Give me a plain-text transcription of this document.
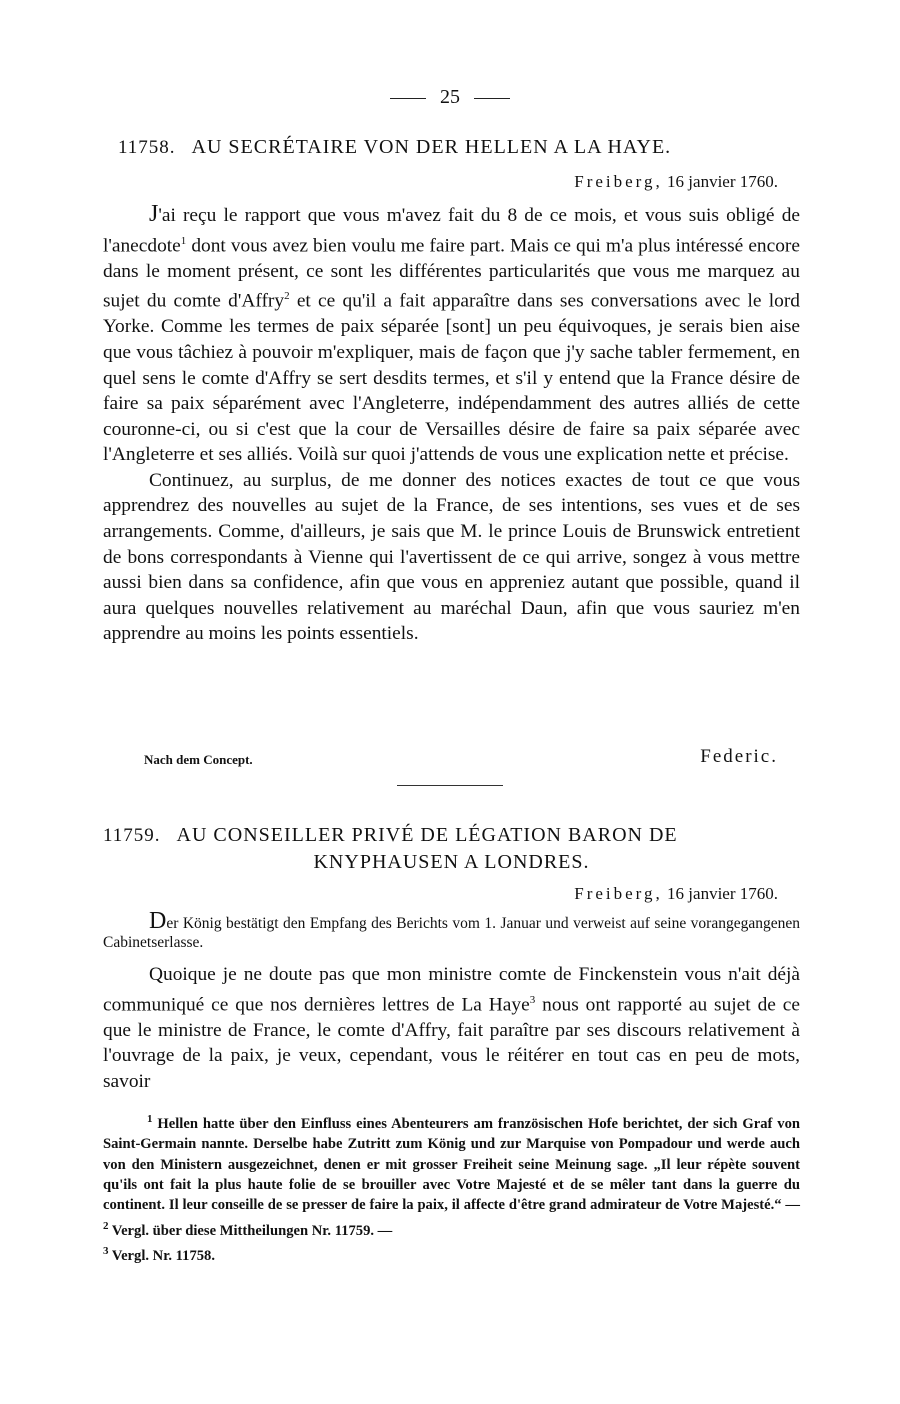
25
11758. AU SECRÉTAIRE VON DER HELLEN A LA HAYE.
Freiberg, 16 janvier 1760.

J'ai reçu le rapport que vous m'avez fait du 8 de ce mois, et vous suis obligé de l'anecdote$^1$ dont vous avez bien voulu me faire part. Mais ce qui m'a plus intéressé encore dans le moment présent, ce sont les différentes particularités que vous me marquez au sujet du comte d'Affry$^2$ et ce qu'il a fait apparaître dans ses conversations avec le lord Yorke. Comme les termes de paix séparée [sont] un peu équivoques, je serais bien aise que vous tâchiez à pouvoir m'expliquer, mais de façon que j'y sache tabler fermement, en quel sens le comte d'Affry se sert desdits termes, et s'il y entend que la France désire de faire sa paix séparément avec l'Angleterre, indépendamment des autres alliés de cette couronne-ci, ou si c'est que la cour de Versailles désire de faire sa paix séparée avec l'Angleterre et ses alliés. Voilà sur quoi j'attends de vous une explication nette et précise.

Continuez, au surplus, de me donner des notices exactes de tout ce que vous apprendrez des nouvelles au sujet de la France, de ses intentions, ses vues et de ses arrangements. Comme, d'ailleurs, je sais que M. le prince Louis de Brunswick entretient de bons correspondants à Vienne qui l'avertissent de ce qui arrive, songez à vous mettre aussi bien dans sa confidence, afin que vous en appreniez autant que possible, quand il aura quelques nouvelles relativement au maréchal Daun, afin que vous sauriez m'en apprendre au moins les points essentiels.

Nach dem Concept.	Federic.
11759. AU CONSEILLER PRIVÉ DE LÉGATION BARON DE
KNYPHAUSEN A LONDRES.
Freiberg, 16 janvier 1760.

Der König bestätigt den Empfang des Berichts vom 1. Januar und verweist auf seine vorangegangenen Cabinetserlasse.

Quoique je ne doute pas que mon ministre comte de Finckenstein vous n'ait déjà communiqué ce que nos dernières lettres de La Haye$^3$ nous ont rapporté au sujet de ce que le ministre de France, le comte d'Affry, fait paraître par ses discours relativement à l'ouvrage de la paix, je veux, cependant, vous le réitérer en tout cas en peu de mots, savoir

$^1$ Hellen hatte über den Einfluss eines Abenteurers am französischen Hofe berichtet, der sich Graf von Saint-Germain nannte. Derselbe habe Zutritt zum König und zur Marquise von Pompadour und werde auch von den Ministern ausgezeichnet, denen er mit grosser Freiheit seine Meinung sage. „Il leur répète souvent qu'ils ont fait la plus haute folie de se brouiller avec Votre Majesté et de se mêler tant dans la guerre du continent. Il leur conseille de se presser de faire la paix, il affecte d'être grand admirateur de Votre Majesté.“ — $^2$ Vergl. über diese Mittheilungen Nr. 11759. —

$^3$ Vergl. Nr. 11758.
